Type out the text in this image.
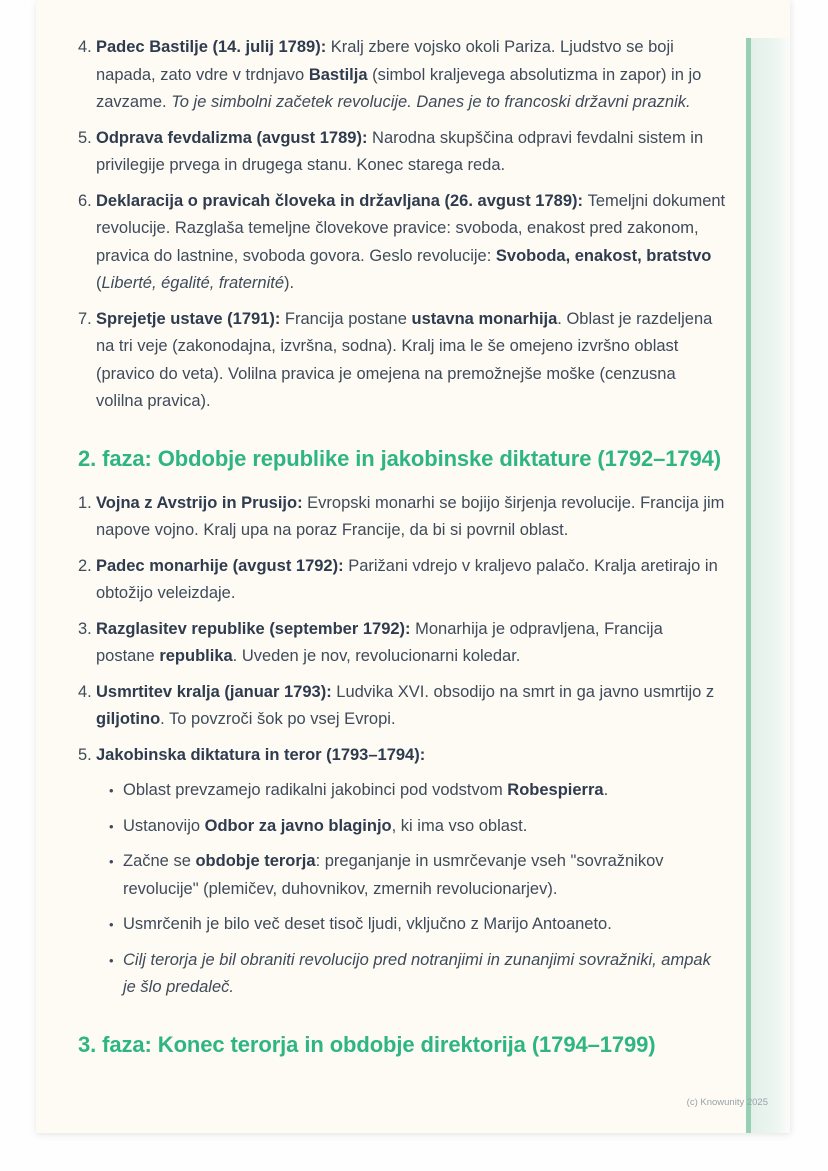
4. Padec Bastilje (14. julij 1789): Kralj zbere vojsko okoli Pariza. Ljudstvo se boji napada, zato vdre v trdnjavo Bastilja (simbol kraljevega absolutizma in zapor) in jo zavzame. To je simbolni začetek revolucije. Danes je to francoski državni praznik.
5. Odprava fevdalizma (avgust 1789): Narodna skupščina odpravi fevdalni sistem in privilegije prvega in drugega stanu. Konec starega reda.
6. Deklaracija o pravicah človeka in državljana (26. avgust 1789): Temeljni dokument revolucije. Razglaša temeljne človekove pravice: svoboda, enakost pred zakonom, pravica do lastnine, svoboda govora. Geslo revolucije: Svoboda, enakost, bratstvo (Liberté, égalité, fraternité).
7. Sprejetje ustave (1791): Francija postane ustavna monarhija. Oblast je razdeljena na tri veje (zakonodajna, izvršna, sodna). Kralj ima le še omejeno izvršno oblast (pravico do veta). Volilna pravica je omejena na premožnejše moške (cenzusna volilna pravica).
2. faza: Obdobje republike in jakobinske diktature (1792–1794)
1. Vojna z Avstrijo in Prusijo: Evropski monarhi se bojijo širjenja revolucije. Francija jim napove vojno. Kralj upa na poraz Francije, da bi si povrnil oblast.
2. Padec monarhije (avgust 1792): Parižani vdrejo v kraljevo palačo. Kralja aretirajo in obtožijo veleizdaje.
3. Razglasitev republike (september 1792): Monarhija je odpravljena, Francija postane republika. Uveden je nov, revolucionarni koledar.
4. Usmrtitev kralja (januar 1793): Ludvika XVI. obsodijo na smrt in ga javno usmrtijo z giljotino. To povzroči šok po vsej Evropi.
5. Jakobinska diktatura in teror (1793–1794):
• Oblast prevzamejo radikalni jakobinci pod vodstvom Robespierra.
• Ustanovijo Odbor za javno blaginjo, ki ima vso oblast.
• Začne se obdobje terorja: preganjanje in usmrčevanje vseh "sovražnikov revolucije" (plemičev, duhovnikov, zmernih revolucionarjev).
• Usmrčenih je bilo več deset tisoč ljudi, vključno z Marijo Antoaneto.
• Cilj terorja je bil obraniti revolucijo pred notranjimi in zunanjimi sovražniki, ampak je šlo predaleč.
3. faza: Konec terorja in obdobje direktorija (1794–1799)
(c) Knowunity 2025
